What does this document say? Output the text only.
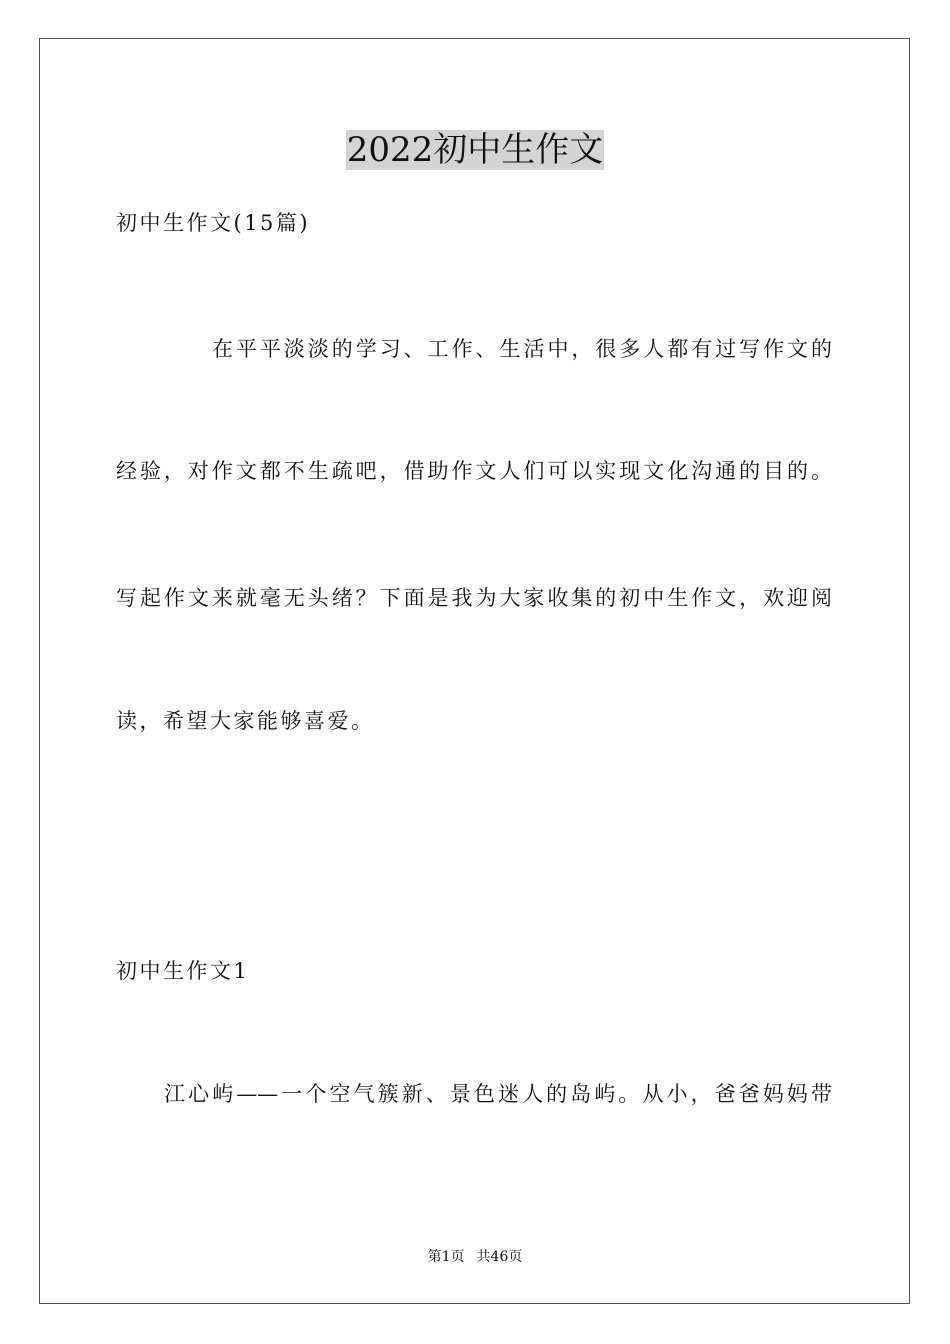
2022初中生作文
初中生作文(15篇)
在平平淡淡的学习、工作、生活中，很多人都有过写作文的
经验，对作文都不生疏吧，借助作文人们可以实现文化沟通的目的。
写起作文来就毫无头绪？下面是我为大家收集的初中生作文，欢迎阅
读，希望大家能够喜爱。
初中生作文1
江心屿——一个空气簇新、景色迷人的岛屿。从小，爸爸妈妈带
第1页 共46页
